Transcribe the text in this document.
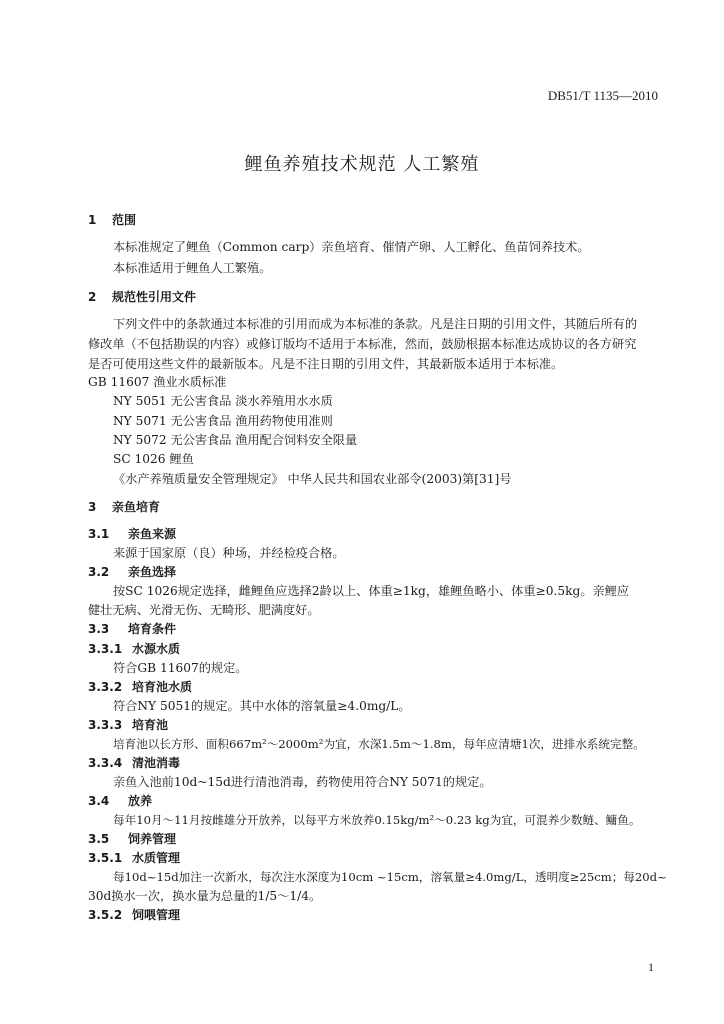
DB51/T 1135—2010
鲤鱼养殖技术规范 人工繁殖
1 范围
本标准规定了鲤鱼（Common carp）亲鱼培育、催情产卵、人工孵化、鱼苗饲养技术。
本标准适用于鲤鱼人工繁殖。
2 规范性引用文件
下列文件中的条款通过本标准的引用而成为本标准的条款。凡是注日期的引用文件，其随后所有的
修改单（不包括勘误的内容）或修订版均不适用于本标准，然而，鼓励根据本标准达成协议的各方研究
是否可使用这些文件的最新版本。凡是不注日期的引用文件，其最新版本适用于本标准。
GB 11607 渔业水质标准
NY 5051 无公害食品 淡水养殖用水水质
NY 5071 无公害食品 渔用药物使用准则
NY 5072 无公害食品 渔用配合饲料安全限量
SC 1026 鲤鱼
《水产养殖质量安全管理规定》 中华人民共和国农业部令(2003)第[31]号
3 亲鱼培育
3.1 亲鱼来源
来源于国家原（良）种场，并经检疫合格。
3.2 亲鱼选择
按SC 1026规定选择，雌鲤鱼应选择2龄以上、体重≥1kg，雄鲤鱼略小、体重≥0.5kg。亲鲤应
健壮无病、光滑无伤、无畸形、肥满度好。
3.3 培育条件
3.3.1 水源水质
符合GB 11607的规定。
3.3.2 培育池水质
符合NY 5051的规定。其中水体的溶氧量≥4.0mg/L。
3.3.3 培育池
培育池以长方形、面积667m²～2000m²为宜，水深1.5m～1.8m，每年应清塘1次，进排水系统完整。
3.3.4 清池消毒
亲鱼入池前10d~15d进行清池消毒，药物使用符合NY 5071的规定。
3.4 放养
每年10月～11月按雌雄分开放养，以每平方米放养0.15kg/m²～0.23 kg为宜，可混养少数鲢、鳙鱼。
3.5 饲养管理
3.5.1 水质管理
每10d~15d加注一次新水，每次注水深度为10cm ~15cm，溶氧量≥4.0mg/L，透明度≥25cm；每20d~
30d换水一次，换水量为总量的1/5～1/4。
3.5.2 饲喂管理
1
